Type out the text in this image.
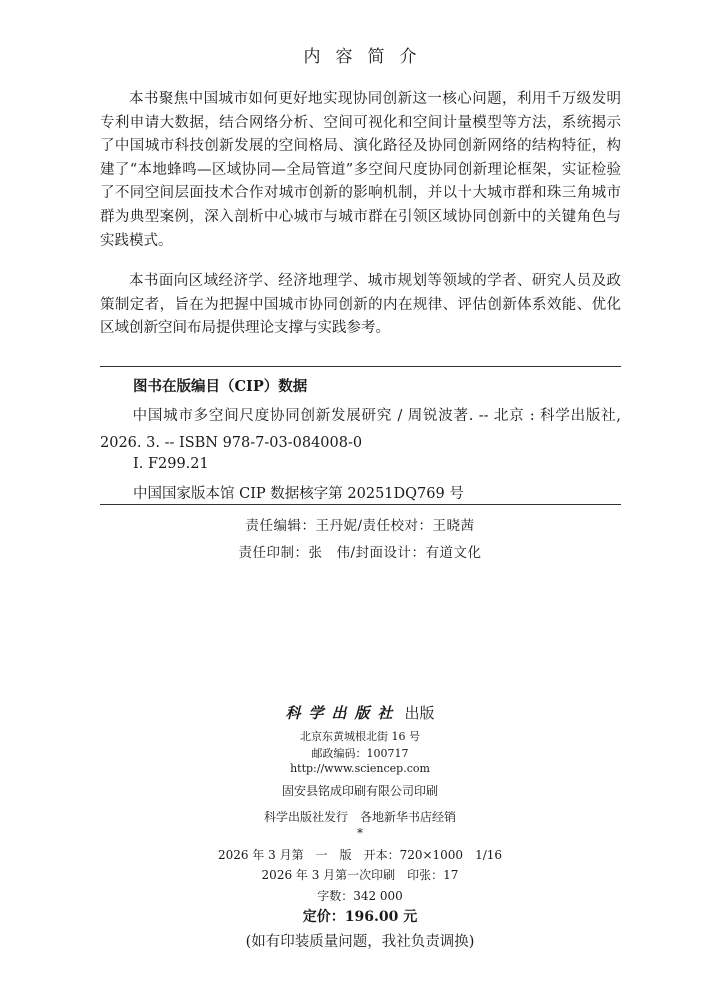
内容简介

本书聚焦中国城市如何更好地实现协同创新这一核心问题，利用千万级发明专利申请大数据，结合网络分析、空间可视化和空间计量模型等方法，系统揭示了中国城市科技创新发展的空间格局、演化路径及协同创新网络的结构特征，构建了“本地蜂鸣—区域协同—全局管道”多空间尺度协同创新理论框架，实证检验了不同空间层面技术合作对城市创新的影响机制，并以十大城市群和珠三角城市群为典型案例，深入剖析中心城市与城市群在引领区域协同创新中的关键角色与实践模式。

本书面向区域经济学、经济地理学、城市规划等领域的学者、研究人员及政策制定者，旨在为把握中国城市协同创新的内在规律、评估创新体系效能、优化区域创新空间布局提供理论支撑与实践参考。

图书在版编目（CIP）数据

中国城市多空间尺度协同创新发展研究 / 周锐波著. -- 北京 : 科学出版社, 2026. 3. -- ISBN 978-7-03-084008-0

Ⅰ. F299.21
中国国家版本馆 CIP 数据核字第 20251DQ769 号
责任编辑：王丹妮/责任校对：王晓茜
责任印制：张　伟/封面设计：有道文化
科学出版社 出版
北京东黄城根北街 16 号
邮政编码：100717
http://www.sciencep.com
固安县铭成印刷有限公司印刷
科学出版社发行　各地新华书店经销
*
2026 年 3 月第　一　版　开本：720×1000　1/16
2026 年 3 月第一次印刷　印张：17
字数：342 000
定价：196.00 元
(如有印装质量问题，我社负责调换)
